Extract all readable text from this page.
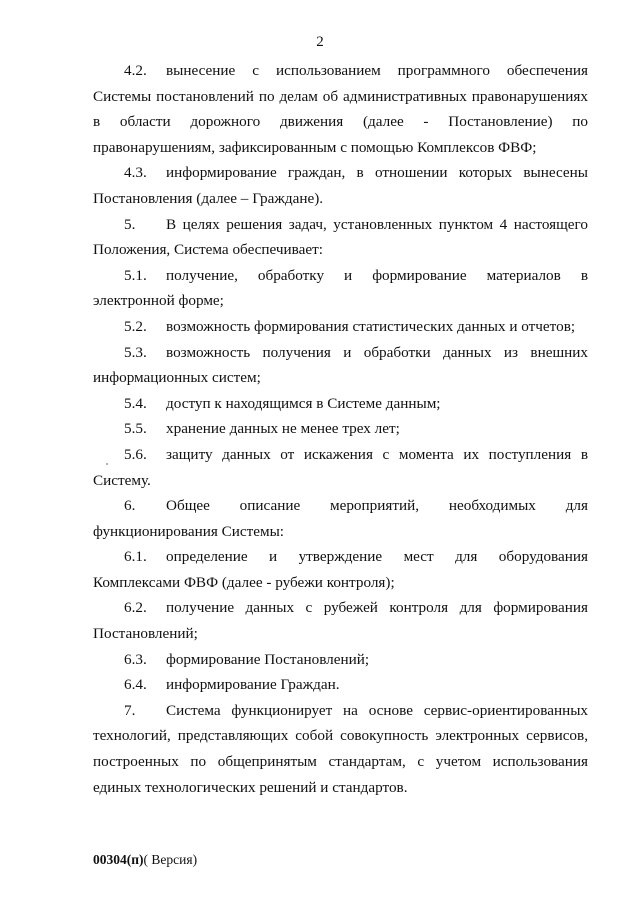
2

4.2. вынесение с использованием программного обеспечения Системы постановлений по делам об административных правонарушениях в области дорожного движения (далее - Постановление) по правонарушениям, зафиксированным с помощью Комплексов ФВФ;

4.3. информирование граждан, в отношении которых вынесены Постановления (далее – Граждане).

5. В целях решения задач, установленных пунктом 4 настоящего Положения, Система обеспечивает:

5.1. получение, обработку и формирование материалов в электронной форме;

5.2. возможность формирования статистических данных и отчетов;

5.3. возможность получения и обработки данных из внешних информационных систем;

5.4. доступ к находящимся в Системе данным;

5.5. хранение данных не менее трех лет;

5.6. защиту данных от искажения с момента их поступления в Систему.

6. Общее описание мероприятий, необходимых для функционирования Системы:

6.1. определение и утверждение мест для оборудования Комплексами ФВФ (далее - рубежи контроля);

6.2. получение данных с рубежей контроля для формирования Постановлений;

6.3. формирование Постановлений;

6.4. информирование Граждан.

7. Система функционирует на основе сервис-ориентированных технологий, представляющих собой совокупность электронных сервисов, построенных по общепринятым стандартам, с учетом использования единых технологических решений и стандартов.

00304(п)( Версия)
